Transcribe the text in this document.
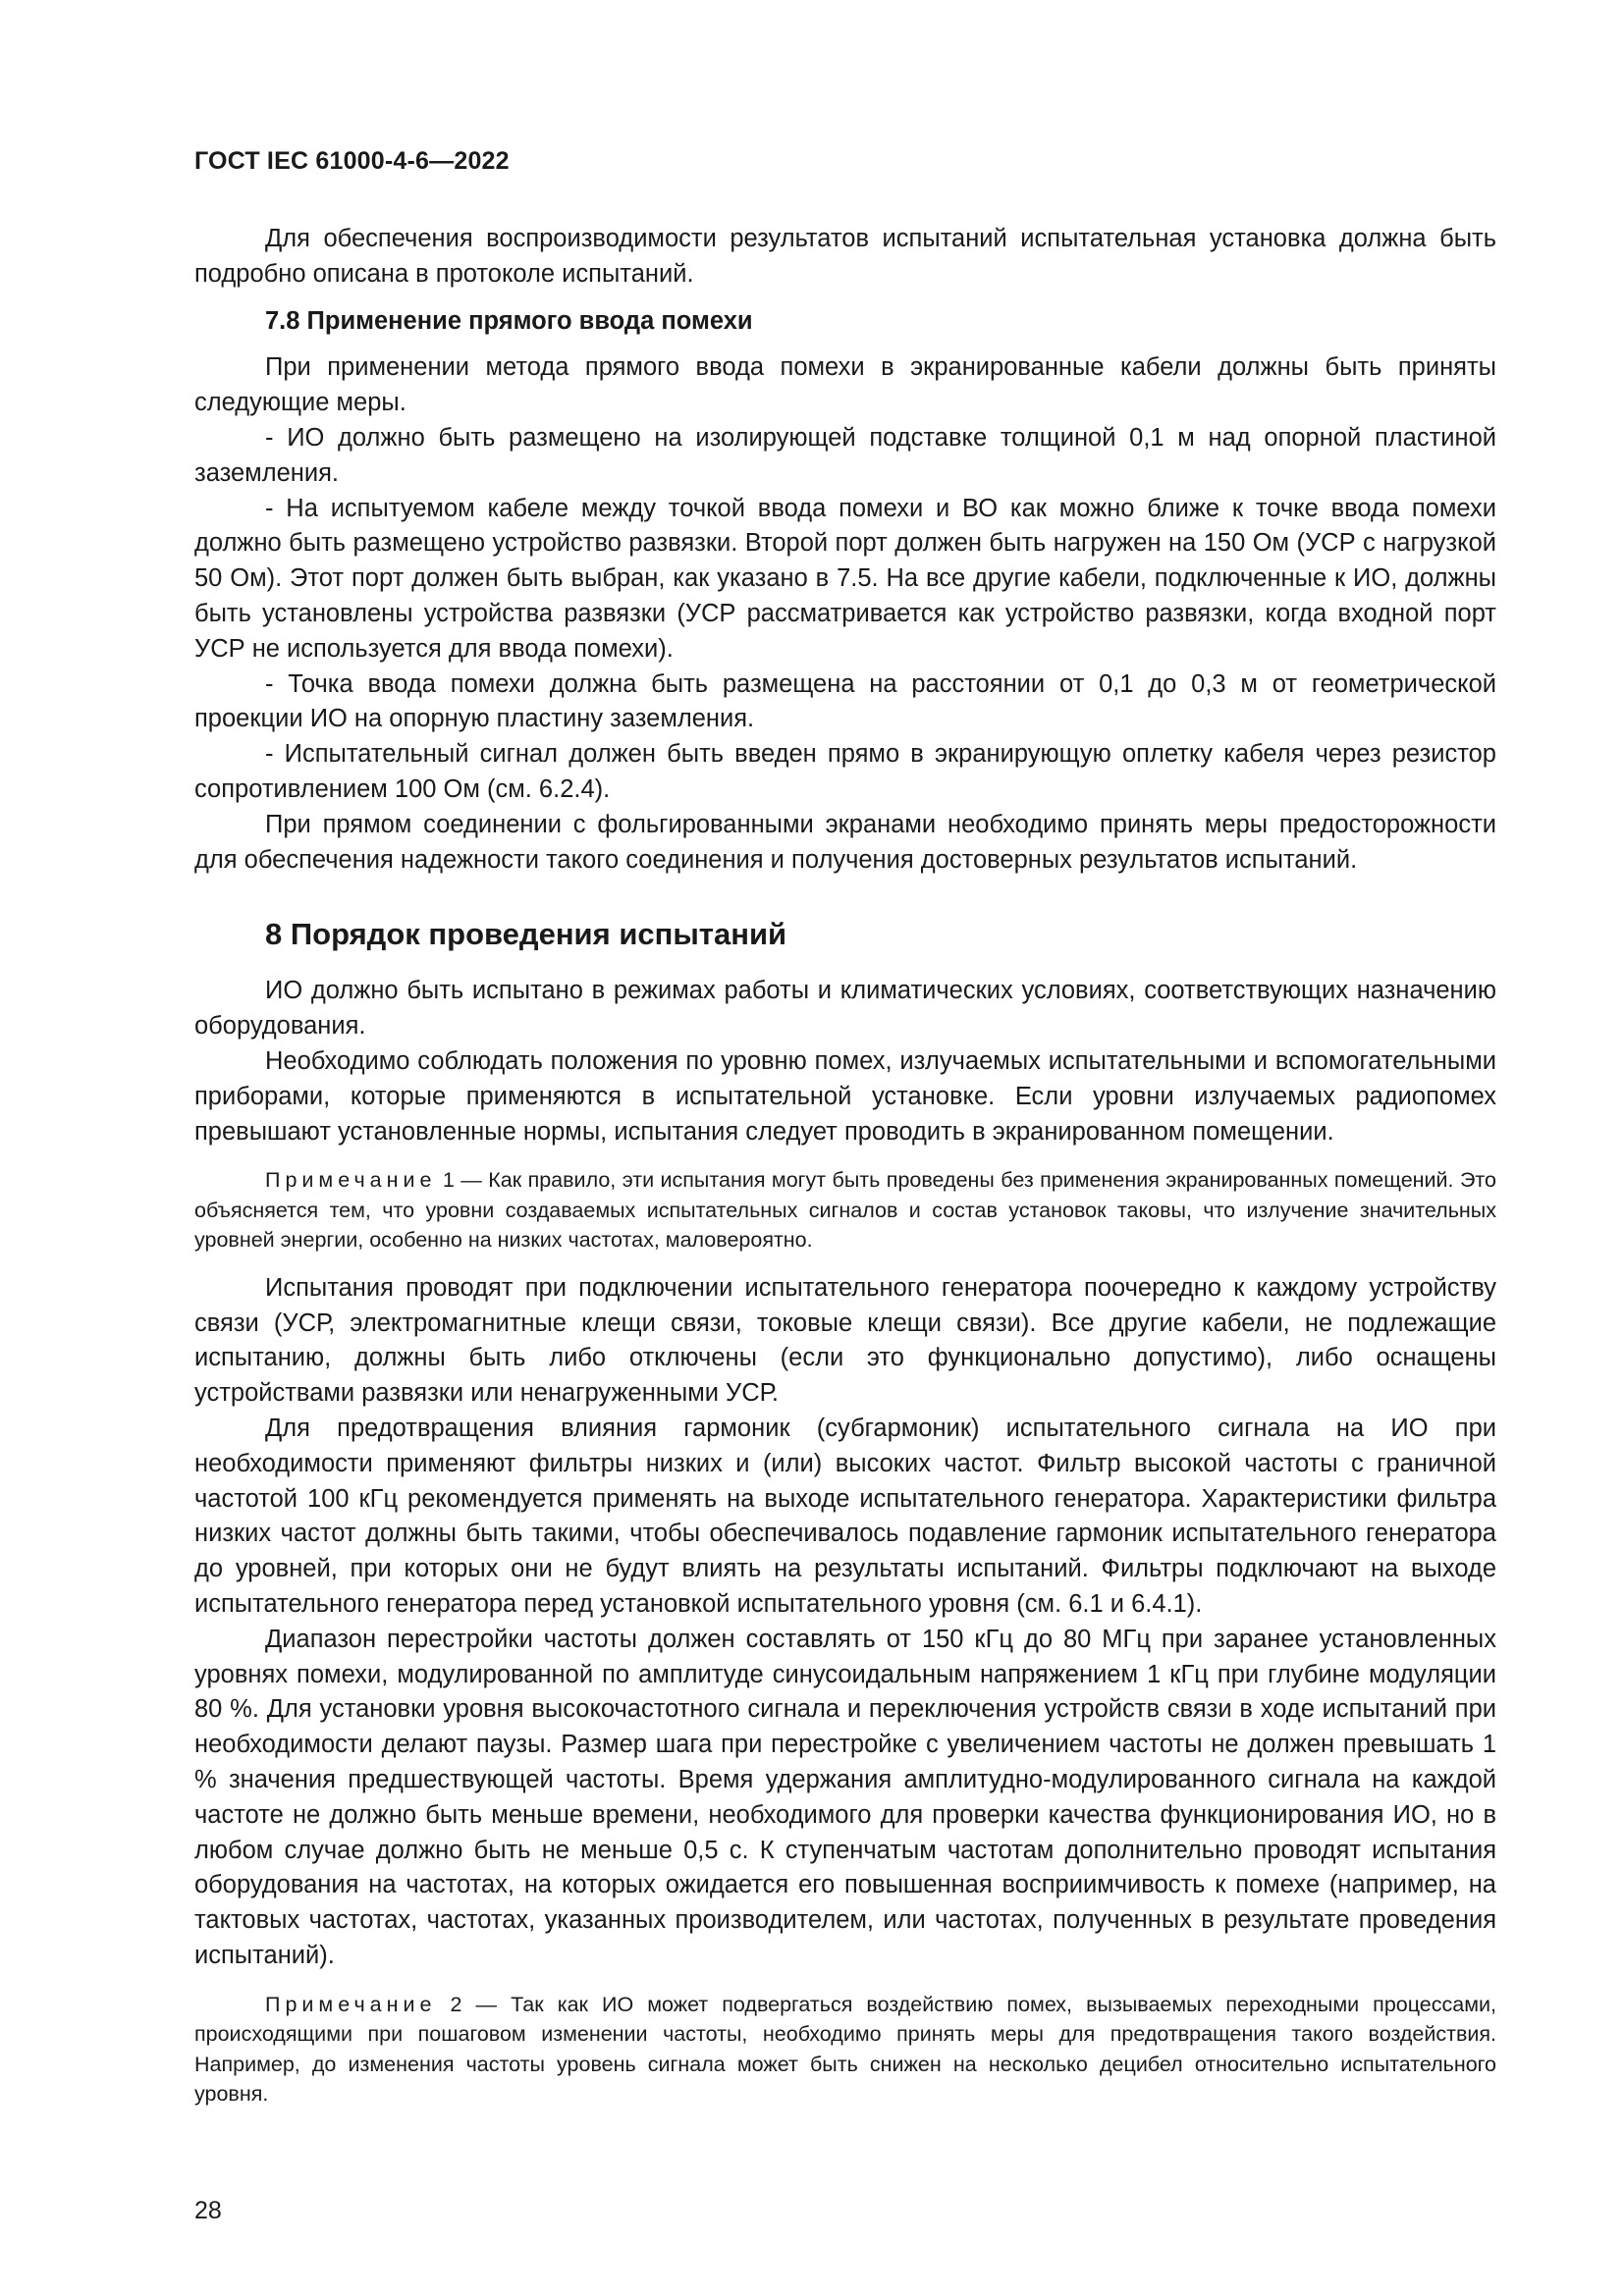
ГОСТ IEC 61000-4-6—2022

Для обеспечения воспроизводимости результатов испытаний испытательная установка должна быть подробно описана в протоколе испытаний.

7.8 Применение прямого ввода помехи

При применении метода прямого ввода помехи в экранированные кабели должны быть приняты следующие меры.

- ИО должно быть размещено на изолирующей подставке толщиной 0,1 м над опорной пластиной заземления.

- На испытуемом кабеле между точкой ввода помехи и ВО как можно ближе к точке ввода помехи должно быть размещено устройство развязки. Второй порт должен быть нагружен на 150 Ом (УСР с нагрузкой 50 Ом). Этот порт должен быть выбран, как указано в 7.5. На все другие кабели, подключенные к ИО, должны быть установлены устройства развязки (УСР рассматривается как устройство развязки, когда входной порт УСР не используется для ввода помехи).

- Точка ввода помехи должна быть размещена на расстоянии от 0,1 до 0,3 м от геометрической проекции ИО на опорную пластину заземления.

- Испытательный сигнал должен быть введен прямо в экранирующую оплетку кабеля через резистор сопротивлением 100 Ом (см. 6.2.4).

При прямом соединении с фольгированными экранами необходимо принять меры предосторожности для обеспечения надежности такого соединения и получения достоверных результатов испытаний.

8 Порядок проведения испытаний

ИО должно быть испытано в режимах работы и климатических условиях, соответствующих назначению оборудования.

Необходимо соблюдать положения по уровню помех, излучаемых испытательными и вспомогательными приборами, которые применяются в испытательной установке. Если уровни излучаемых радиопомех превышают установленные нормы, испытания следует проводить в экранированном помещении.

Примечание 1 — Как правило, эти испытания могут быть проведены без применения экранированных помещений. Это объясняется тем, что уровни создаваемых испытательных сигналов и состав установок таковы, что излучение значительных уровней энергии, особенно на низких частотах, маловероятно.

Испытания проводят при подключении испытательного генератора поочередно к каждому устройству связи (УСР, электромагнитные клещи связи, токовые клещи связи). Все другие кабели, не подлежащие испытанию, должны быть либо отключены (если это функционально допустимо), либо оснащены устройствами развязки или ненагруженными УСР.

Для предотвращения влияния гармоник (субгармоник) испытательного сигнала на ИО при необходимости применяют фильтры низких и (или) высоких частот. Фильтр высокой частоты с граничной частотой 100 кГц рекомендуется применять на выходе испытательного генератора. Характеристики фильтра низких частот должны быть такими, чтобы обеспечивалось подавление гармоник испытательного генератора до уровней, при которых они не будут влиять на результаты испытаний. Фильтры подключают на выходе испытательного генератора перед установкой испытательного уровня (см. 6.1 и 6.4.1).

Диапазон перестройки частоты должен составлять от 150 кГц до 80 МГц при заранее установленных уровнях помехи, модулированной по амплитуде синусоидальным напряжением 1 кГц при глубине модуляции 80 %. Для установки уровня высокочастотного сигнала и переключения устройств связи в ходе испытаний при необходимости делают паузы. Размер шага при перестройке с увеличением частоты не должен превышать 1 % значения предшествующей частоты. Время удержания амплитудно-модулированного сигнала на каждой частоте не должно быть меньше времени, необходимого для проверки качества функционирования ИО, но в любом случае должно быть не меньше 0,5 с. К ступенчатым частотам дополнительно проводят испытания оборудования на частотах, на которых ожидается его повышенная восприимчивость к помехе (например, на тактовых частотах, частотах, указанных производителем, или частотах, полученных в результате проведения испытаний).

Примечание 2 — Так как ИО может подвергаться воздействию помех, вызываемых переходными процессами, происходящими при пошаговом изменении частоты, необходимо принять меры для предотвращения такого воздействия. Например, до изменения частоты уровень сигнала может быть снижен на несколько децибел относительно испытательного уровня.

28
